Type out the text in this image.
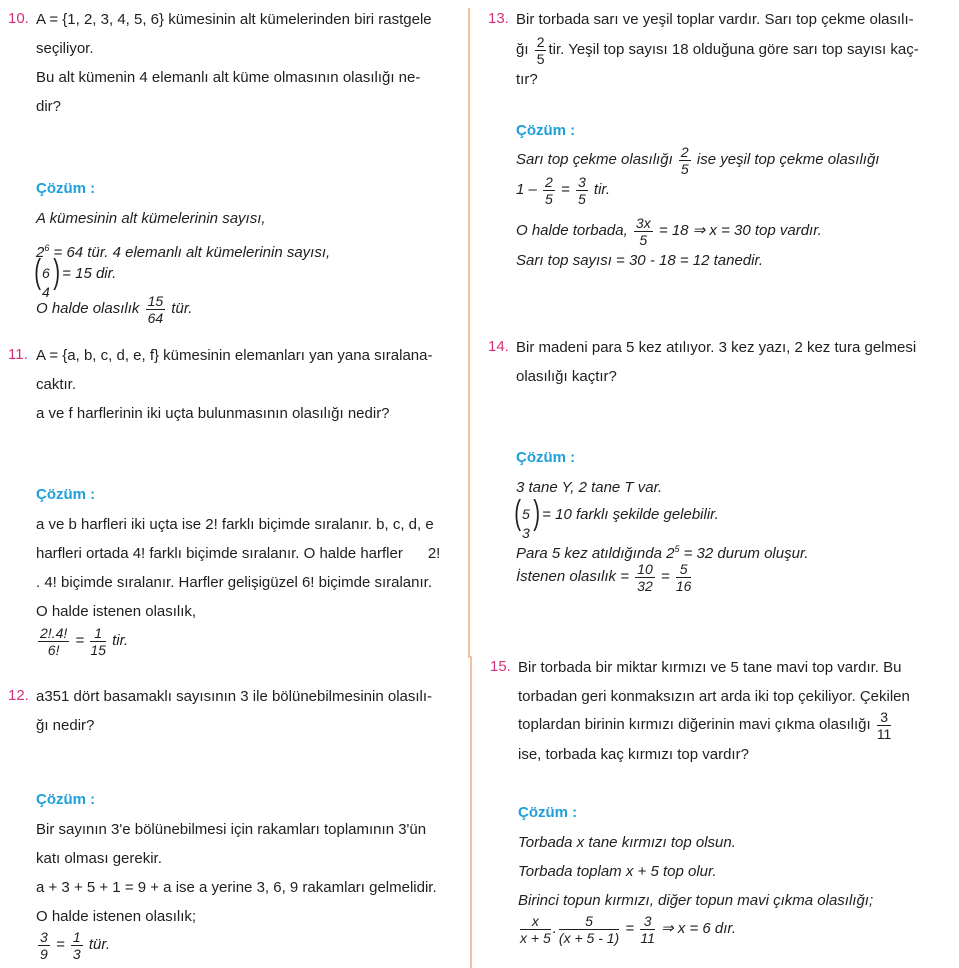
10. A = {1, 2, 3, 4, 5, 6} kümesinin alt kümelerinden biri rastgele
seçiliyor.
Bu alt kümenin 4 elemanlı alt küme olmasının olasılığı ne-
dir?
Çözüm :
A kümesinin alt kümelerinin sayısı,
$2^6 = 64$ tür. 4 elemanlı alt kümelerinin sayısı,
( 6
4
) = 15 dir.
O halde olasılık $\frac{15}{64}$ tür.
11. A = {a, b, c, d, e, f} kümesinin elemanları yan yana sıralana-
caktır.
a ve f harflerinin iki uçta bulunmasının olasılığı nedir?
Çözüm :
a ve b harfleri iki uçta ise 2! farklı biçimde sıralanır. b, c, d, e
harfleri ortada 4! farklı biçimde sıralanır. O halde harfler      2!
. 4! biçimde sıralanır. Harfler gelişigüzel 6! biçimde sıralanır.
O halde istenen olasılık,
$\frac{2!.4!}{6!} = \frac{1}{15}$ tir.
12. a351 dört basamaklı sayısının 3 ile bölünebilmesinin olasılı-
ğı nedir?
Çözüm :
Bir sayının 3'e bölünebilmesi için rakamları toplamının 3'ün
katı olması gerekir.
a + 3 + 5 + 1 = 9 + a ise a yerine 3, 6, 9 rakamları gelmelidir.
O halde istenen olasılık;
$\frac{3}{9} = \frac{1}{3}$ tür.
13. Bir torbada sarı ve yeşil toplar vardır. Sarı top çekme olasılı-
ğı $\frac{2}{5}$ tir. Yeşil top sayısı 18 olduğuna göre sarı top sayısı kaç-
tır?
Çözüm :
Sarı top çekme olasılığı $\frac{2}{5}$ ise yeşil top çekme olasılığı
$1 - \frac{2}{5} = \frac{3}{5}$ tir.
O halde torbada, $\frac{3x}{5} = 18$ ⇒ x = 30 top vardır.
Sarı top sayısı = 30 - 18 = 12 tanedir.
14. Bir madeni para 5 kez atılıyor. 3 kez yazı, 2 kez tura gelmesi
olasılığı kaçtır?
Çözüm :
3 tane Y, 2 tane T var.
( 5
3
) = 10 farklı şekilde gelebilir.
Para 5 kez atıldığında $2^5 = 32$ durum oluşur.
İstenen olasılık = $\frac{10}{32} = \frac{5}{16}$
15. Bir torbada bir miktar kırmızı ve 5 tane mavi top vardır. Bu
torbadan geri konmaksızın art arda iki top çekiliyor. Çekilen
toplardan birinin kırmızı diğerinin mavi çıkma olasılığı $\frac{3}{11}$
ise, torbada kaç kırmızı top vardır?
Çözüm :
Torbada x tane kırmızı top olsun.
Torbada toplam x + 5 top olur.
Birinci topun kırmızı, diğer topun mavi çıkma olasılığı;
$\frac{x}{x + 5}$ . $\frac{5}{(x + 5 - 1)} = \frac{3}{11}$ ⇒ x = 6 dır.
